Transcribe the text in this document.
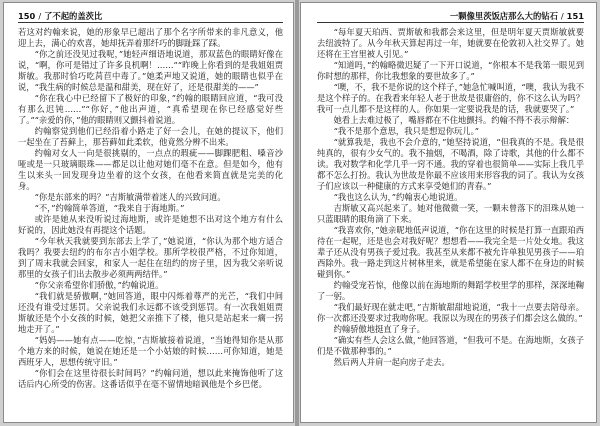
150 / 了不起的盖茨比

若这对约翰来说，她的形象早已超出了那个名字所带来的非凡意义，他迎上去，满心的欢喜，她却抚弄着那纤巧的脚趾踩了踩。

“你之前还没见过我呢，”她轻声细语地说道，那双蓝色的眼睛好像在说，“啊，你可是错过了许多良机啊！……”“昨晚上你看到的是我姐姐贾斯敏。我那时恰巧吃莴苣中毒了。”她柔声地又说道，她的眼睛也似乎在说，“我生病的时候总是温和甜美，现在好了，还是很甜美的——”

“你在我心中已经留下了极好的印象，”约翰的眼睛回应道，“我可没有那么迟钝……”“你好，”他出声道，“真希望现在你已经感觉好些了。”“亲爱的你，”他的眼睛则又颤抖着说道。

约翰察觉到他们已经沿着小路走了好一会儿，在她的提议下，他们一起坐在了苔藓上，那苔藓如此柔软，他竟然分辨不出来。

约翰对女人一向是很挑剔的，一点点的瑕疵——脚踝肥粗、嗓音沙哑或是一只玻璃眼珠——都足以让他对她们毫不在意。但是如今，他有生以来头一回发现身边坐着的这个女孩，在他看来简直就是完美的化身。

“你是东部来的吗？”吉斯敏满带着迷人的兴致问道。

“不，”约翰简单答道，“我来自于海地斯。”

或许是她从来没听说过海地斯，或许是她想不出对这个地方有什么好说的，因此她没有再提这个话题。

“今年秋天我就要到东部去上学了，”她说道，“你认为那个地方适合我吗？我要去纽约的布尔吉小姐学校。那所学校很严格，不过你知道，到了周末我就会回家，和家人一起住在纽约的房子里，因为我父亲听说那里的女孩子们出去散步必须两两结伴。”

“你父亲希望你们骄傲，”约翰说道。

“我们就是骄傲啊，”她回答道，眼中闪烁着尊严的光芒，“我们中间还没有谁受过惩罚。父亲说我们永远都不该受到惩罚。有一次我姐姐贾斯敏还是个小女孩的时候，她把父亲推下了楼，他只是站起来一瘸一拐地走开了。”

“妈妈——她有点——吃惊，”吉斯敏接着说道，“当她得知你是从那个地方来的时候，她说在她还是一个小姑娘的时候……可你知道，她是西班牙人，思想传统守旧。”

“你们会在这里待很长时间吗？”约翰问道，想以此来掩饰他听了这话后内心所受的伤害。这番话似乎在毫不留情地暗讽他是个乡巴佬。

一颗像里茨饭店那么大的钻石 / 151

“每年夏天珀西、贾斯敏和我都会来这里，但是明年夏天贾斯敏就要去纽波特了。从今年秋天算起再过一年，她就要在伦敦初入社交界了。她还将在王宫里被人引见。”

“知道吗，”约翰略微迟疑了一下开口说道，“你根本不是我第一眼见到你时想的那样，你比我想象的要世故多了。”

“噢，不，我不是你说的这个样子，”她急忙喊叫道，“噢，我认为我不是这个样子的。在我看来年轻人老于世故是很庸俗的，你不这么认为吗？我可一点儿都不是这样的人。你如果一定要说我是的话，我就要哭了。”

她看上去难过极了，嘴唇都在不住地颤抖。约翰不得不表示辩解：

“我不是那个意思，我只是想逗你玩儿。”

“就算我是，我也不会介意的，”她坚持说道，“但我真的不是。我是很纯真的，很有少女气的。我不抽烟，不喝酒，除了诗歌，其他的什么都不读。我对数学和化学几乎一窍不通。我的穿着也很简单——实际上我几乎都不怎么打扮。我认为世故是你最不应该用来形容我的词了。我认为女孩子们应该以一种健康的方式来享受她们的青春。”

“我也这么认为，”约翰衷心地说道。

吉斯敏又高兴起来了。她对他微微一笑，一颗未曾落下的泪珠从她一只蓝眼睛的眼角滴了下来。

“我喜欢你，”她亲昵地低声说道，“你在这里的时候是打算一直跟珀西待在一起呢，还是也会对我好呢？想想看——我完全是一片处女地。我这辈子还从没有男孩子爱过我。我甚至从来都不被允许单独见男孩子——珀西除外。我一路走到这片树林里来，就是希望能在家人都不在身边的时候碰到你。”

约翰受宠若惊，他像以前在海地斯的舞蹈学校里学的那样，深深地鞠了一躬。

“我们最好现在就走吧，”吉斯敏甜甜地说道，“我十一点要去陪母亲。你一次都还没要求过我吻你呢。我原以为现在的男孩子们都会这么做的。”

约翰骄傲地挺直了身子。

“确实有些人会这么做，”他回答道，“但我可不是。在海地斯，女孩子们是不做那种事的。”

然后两人并肩一起向房子走去。
